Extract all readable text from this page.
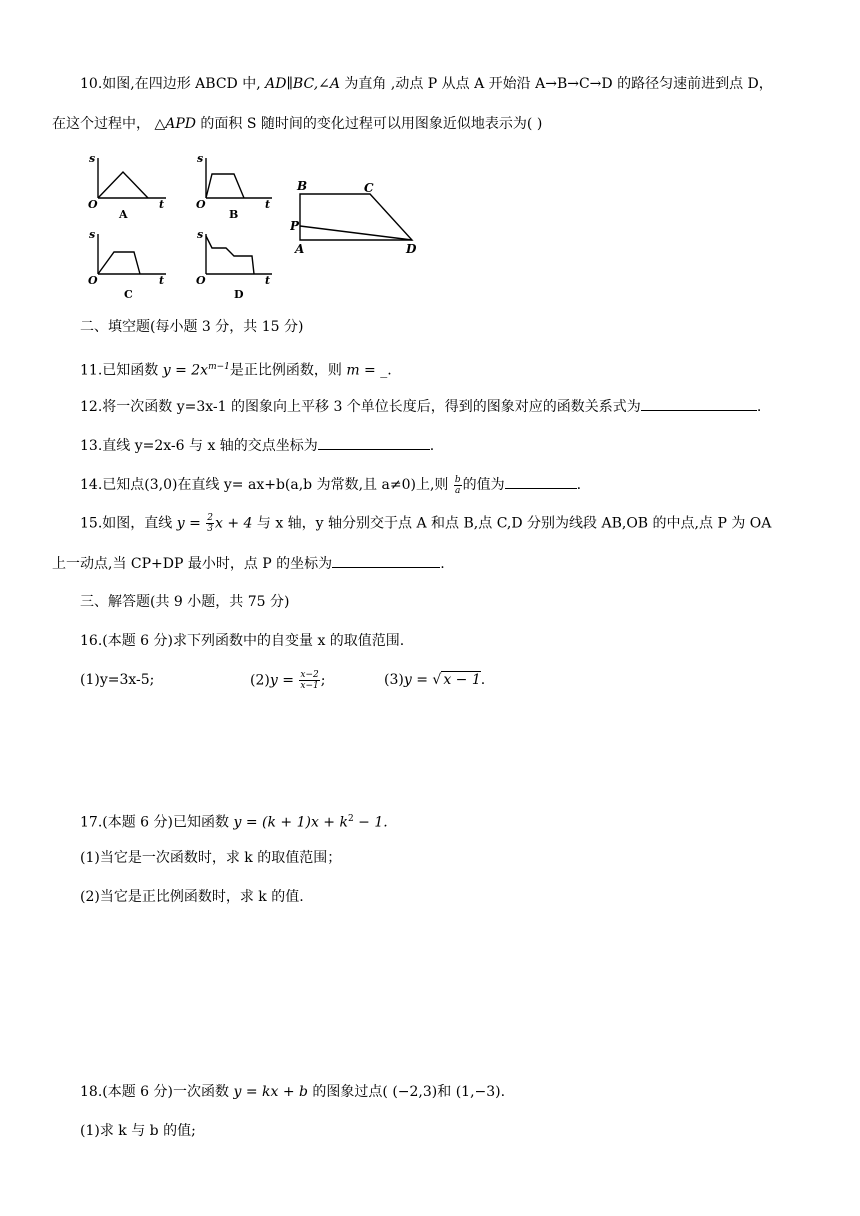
10.如图,在四边形 ABCD 中, AD∥BC,∠A 为直角 ,动点 P 从点 A 开始沿 A→B→C→D 的路径匀速前进到点 D，
在这个过程中， △APD 的面积 S 随时间的变化过程可以用图象近似地表示为( )
s
O	t
A
s
O	t
B
s
O	t
C
s
O	t
D
B	C
P
A	D
二、填空题(每小题 3 分，共 15 分)
11.已知函数 $y = 2x^{m-1}$是正比例函数，则 m = _.
12.将一次函数 y=3x-1 的图象向上平移 3 个单位长度后，得到的图象对应的函数关系式为	.
13.直线 y=2x-6 与 x 轴的交点坐标为	.
14.已知点(3,0)在直线 y= ax+b(a,b 为常数,且 a≠0)上,则 $\frac{b}{a}$ 的值为	.
15.如图，直线 $y = \frac{2}{3}$ x + 4 与 x 轴，y 轴分别交于点 A 和点 B,点 C,D 分别为线段 AB,OB 的中点,点 P 为 OA
上一动点,当 CP+DP 最小时，点 P 的坐标为	.
三、解答题(共 9 小题，共 75 分)
16.(本题 6 分)求下列函数中的自变量 x 的取值范围.
(1)y=3x-5;	$(2)y = \frac{x-2}{x-1}$ ;	(3)y = √ x − 1.
17.(本题 6 分)已知函数 $y = (k + 1)x + k^2 - 1$.
(1)当它是一次函数时，求 k 的取值范围；
(2)当它是正比例函数时，求 k 的值.
18.(本题 6 分)一次函数 y = kx + b 的图象过点( (−2,3)和 (1,−3).
(1)求 k 与 b 的值;
